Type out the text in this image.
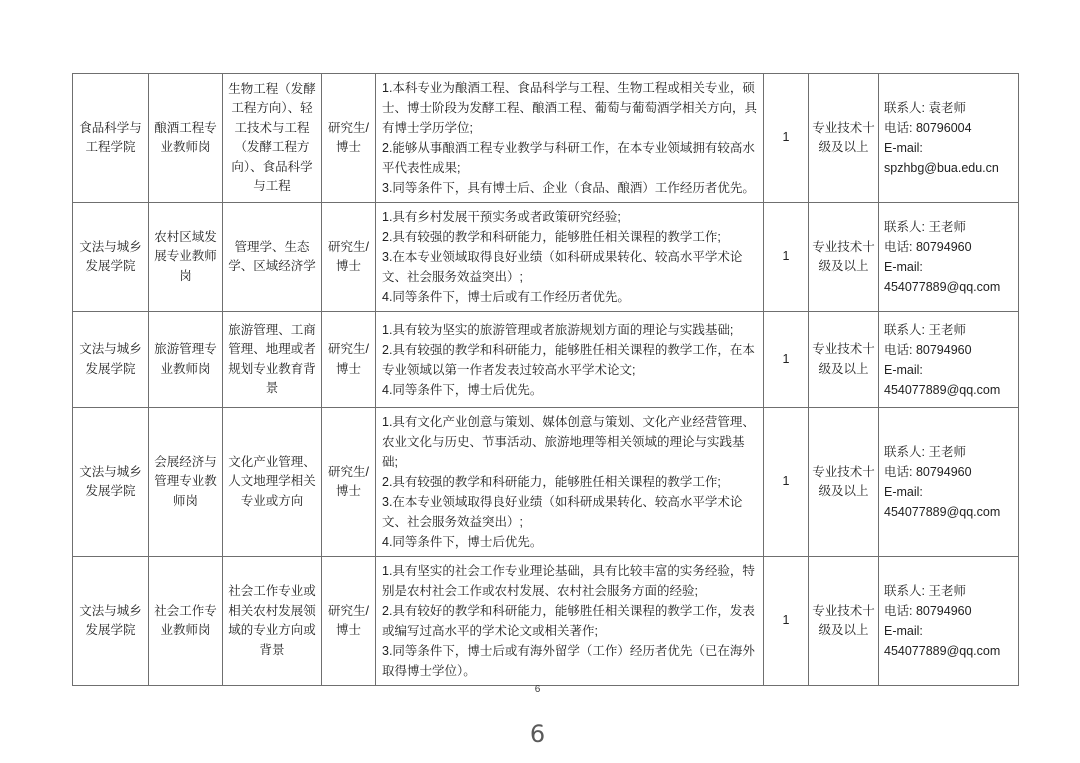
食品科学与工程学院	酿酒工程专业教师岗	生物工程（发酵工程方向）、轻工技术与工程（发酵工程方向）、食品科学与工程	研究生/博士	1.本科专业为酿酒工程、食品科学与工程、生物工程或相关专业，硕士、博士阶段为发酵工程、酿酒工程、葡萄与葡萄酒学相关方向，具有博士学历学位;
2.能够从事酿酒工程专业教学与科研工作，在本专业领域拥有较高水平代表性成果;
3.同等条件下，具有博士后、企业（食品、酿酒）工作经历者优先。	1	专业技术十级及以上	联系人: 袁老师
电话: 80796004
E-mail:
spzhbg@bua.edu.cn

文法与城乡发展学院	农村区域发展专业教师岗	管理学、生态学、区域经济学	研究生/博士	1.具有乡村发展干预实务或者政策研究经验;
2.具有较强的教学和科研能力，能够胜任相关课程的教学工作;
3.在本专业领域取得良好业绩（如科研成果转化、较高水平学术论文、社会服务效益突出）;
4.同等条件下，博士后或有工作经历者优先。	1	专业技术十级及以上	联系人: 王老师
电话: 80794960
E-mail:
454077889@qq.com

文法与城乡发展学院	旅游管理专业教师岗	旅游管理、工商管理、地理或者规划专业教育背景	研究生/博士	1.具有较为坚实的旅游管理或者旅游规划方面的理论与实践基础;
2.具有较强的教学和科研能力，能够胜任相关课程的教学工作，在本专业领域以第一作者发表过较高水平学术论文;
4.同等条件下，博士后优先。	1	专业技术十级及以上	联系人: 王老师
电话: 80794960
E-mail:
454077889@qq.com

文法与城乡发展学院	会展经济与管理专业教师岗	文化产业管理、人文地理学相关专业或方向	研究生/博士	1.具有文化产业创意与策划、媒体创意与策划、文化产业经营管理、农业文化与历史、节事活动、旅游地理等相关领域的理论与实践基础;
2.具有较强的教学和科研能力，能够胜任相关课程的教学工作;
3.在本专业领域取得良好业绩（如科研成果转化、较高水平学术论文、社会服务效益突出）;
4.同等条件下，博士后优先。	1	专业技术十级及以上	联系人: 王老师
电话: 80794960
E-mail:
454077889@qq.com

文法与城乡发展学院	社会工作专业教师岗	社会工作专业或相关农村发展领域的专业方向或背景	研究生/博士	1.具有坚实的社会工作专业理论基础，具有比较丰富的实务经验，特别是农村社会工作或农村发展、农村社会服务方面的经验;
2.具有较好的教学和科研能力，能够胜任相关课程的教学工作，发表或编写过高水平的学术论文或相关著作;
3.同等条件下，博士后或有海外留学（工作）经历者优先（已在海外取得博士学位）。	1	专业技术十级及以上	联系人: 王老师
电话: 80794960
E-mail:
454077889@qq.com
6
6
